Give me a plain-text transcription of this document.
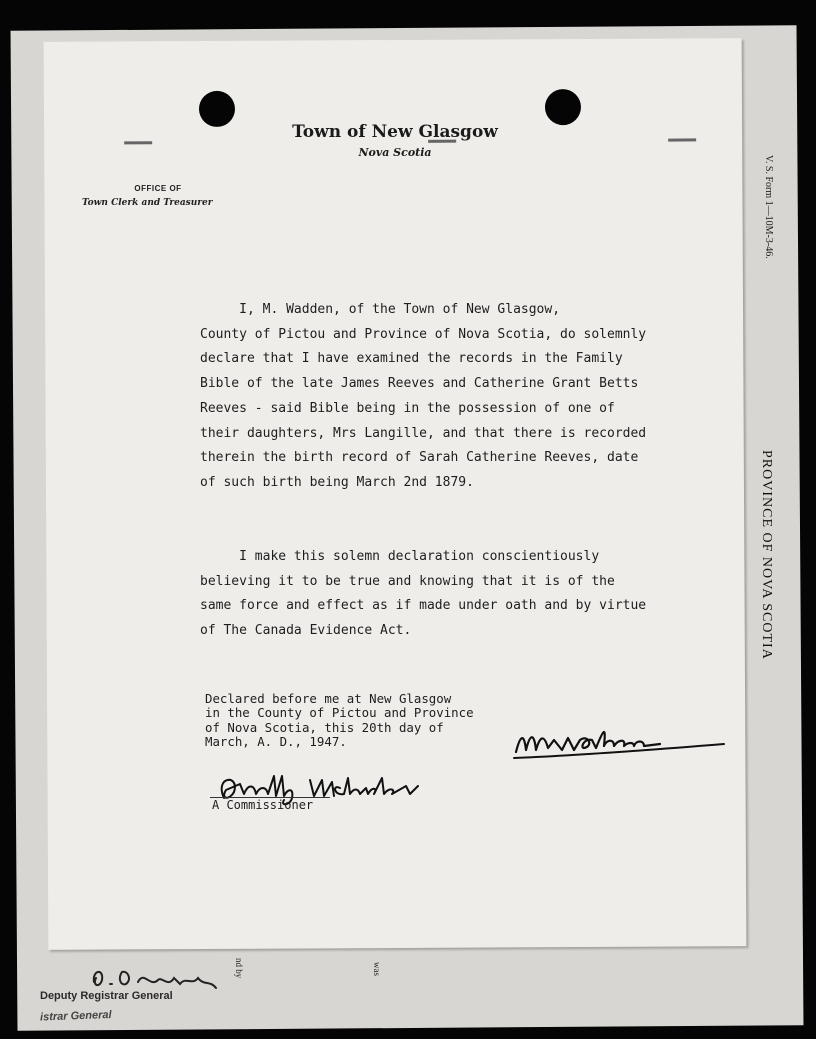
V. S. Form 1—10M-3-46.
PROVINCE OF NOVA SCOTIA
was
nd by
Town of New Glasgow
Nova Scotia
OFFICE OF
Town Clerk and Treasurer
I, M. Wadden, of the Town of New Glasgow,
County of Pictou and Province of Nova Scotia, do solemnly
declare that I have examined the records in the Family
Bible of the late James Reeves and Catherine Grant Betts
Reeves - said Bible being in the possession of one of
their daughters, Mrs Langille, and that there is recorded
therein the birth record of Sarah Catherine Reeves, date
of such birth being March 2nd 1879.
I make this solemn declaration conscientiously
believing it to be true and knowing that it is of the
same force and effect as if made under oath and by virtue
of The Canada Evidence Act.
Declared before me at New Glasgow
in the County of Pictou and Province
of Nova Scotia, this 20th day of
March, A. D., 1947.
A Commissioner
Deputy Registrar General
istrar General
